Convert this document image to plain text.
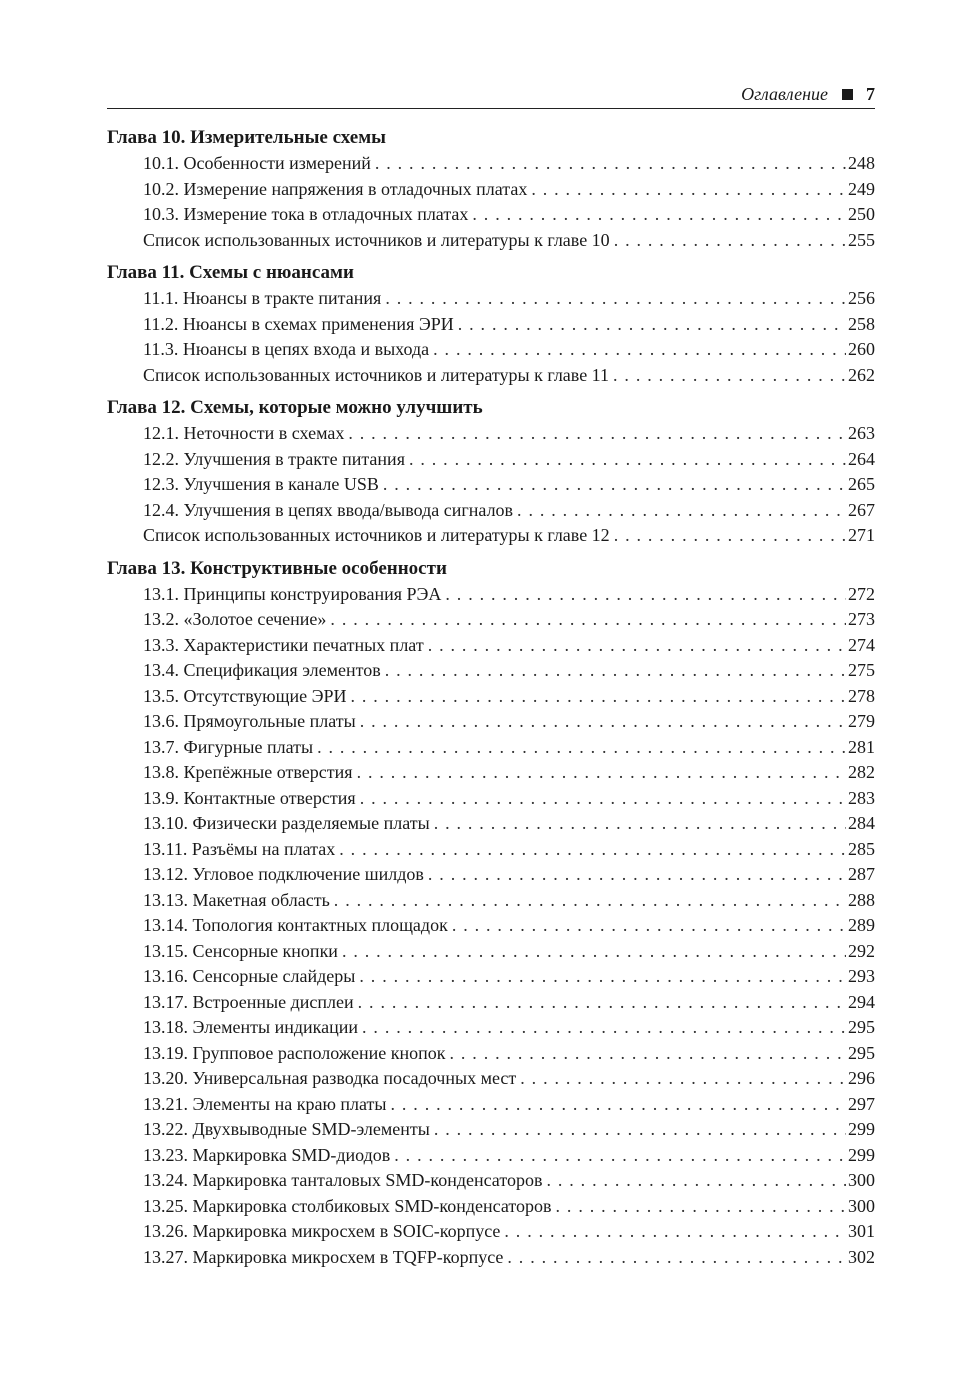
Оглавление 7
Глава 10. Измерительные схемы
10.1. Особенности измерений . . .	248
10.2. Измерение напряжения в отладочных платах . . .	249
10.3. Измерение тока в отладочных платах . . .	250
Список использованных источников и литературы к главе 10 . . .	255
Глава 11. Схемы с нюансами
11.1. Нюансы в тракте питания . . .	256
11.2. Нюансы в схемах применения ЭРИ . . .	258
11.3. Нюансы в цепях входа и выхода . . .	260
Список использованных источников и литературы к главе 11 . . .	262
Глава 12. Схемы, которые можно улучшить
12.1. Неточности в схемах . . .	263
12.2. Улучшения в тракте питания . . .	264
12.3. Улучшения в канале USB . . .	265
12.4. Улучшения в цепях ввода/вывода сигналов . . .	267
Список использованных источников и литературы к главе 12 . . .	271
Глава 13. Конструктивные особенности
13.1. Принципы конструирования РЭА . . .	272
13.2. «Золотое сечение» . . .	273
13.3. Характеристики печатных плат . . .	274
13.4. Спецификация элементов . . .	275
13.5. Отсутствующие ЭРИ . . .	278
13.6. Прямоугольные платы . . .	279
13.7. Фигурные платы . . .	281
13.8. Крепёжные отверстия . . .	282
13.9. Контактные отверстия . . .	283
13.10. Физически разделяемые платы . . .	284
13.11. Разъёмы на платах . . .	285
13.12. Угловое подключение шилдов . . .	287
13.13. Макетная область . . .	288
13.14. Топология контактных площадок . . .	289
13.15. Сенсорные кнопки . . .	292
13.16. Сенсорные слайдеры . . .	293
13.17. Встроенные дисплеи . . .	294
13.18. Элементы индикации . . .	295
13.19. Групповое расположение кнопок . . .	295
13.20. Универсальная разводка посадочных мест . . .	296
13.21. Элементы на краю платы . . .	297
13.22. Двухвыводные SMD-элементы . . .	299
13.23. Маркировка SMD-диодов . . .	299
13.24. Маркировка танталовых SMD-конденсаторов . . .	300
13.25. Маркировка столбиковых SMD-конденсаторов . . .	300
13.26. Маркировка микросхем в SOIC-корпусе . . .	301
13.27. Маркировка микросхем в TQFP-корпусе . . .	302
